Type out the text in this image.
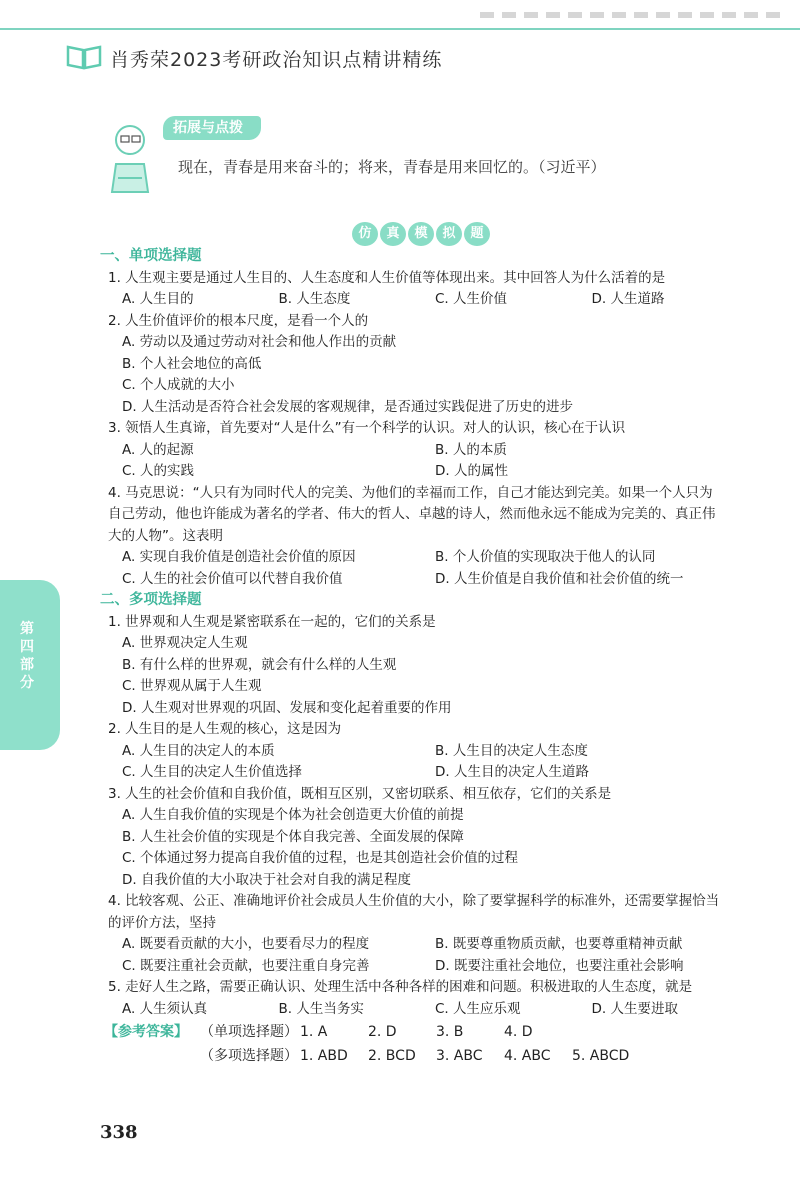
肖秀荣2023考研政治知识点精讲精练
拓展与点拨
现在，青春是用来奋斗的；将来，青春是用来回忆的。（习近平）
仿	真	模	拟	题
第四部分
一、单项选择题
1. 人生观主要是通过人生目的、人生态度和人生价值等体现出来。其中回答人为什么活着的是
A. 人生目的	B. 人生态度	C. 人生价值	D. 人生道路
2. 人生价值评价的根本尺度，是看一个人的
A. 劳动以及通过劳动对社会和他人作出的贡献
B. 个人社会地位的高低
C. 个人成就的大小
D. 人生活动是否符合社会发展的客观规律，是否通过实践促进了历史的进步
3. 领悟人生真谛，首先要对“人是什么”有一个科学的认识。对人的认识，核心在于认识
A. 人的起源	B. 人的本质
C. 人的实践	D. 人的属性
4. 马克思说：“人只有为同时代人的完美、为他们的幸福而工作，自己才能达到完美。如果一个人只为
自己劳动，他也许能成为著名的学者、伟大的哲人、卓越的诗人，然而他永远不能成为完美的、真正伟
大的人物”。这表明
A. 实现自我价值是创造社会价值的原因	B. 个人价值的实现取决于他人的认同
C. 人生的社会价值可以代替自我价值	D. 人生价值是自我价值和社会价值的统一
二、多项选择题
1. 世界观和人生观是紧密联系在一起的，它们的关系是
A. 世界观决定人生观
B. 有什么样的世界观，就会有什么样的人生观
C. 世界观从属于人生观
D. 人生观对世界观的巩固、发展和变化起着重要的作用
2. 人生目的是人生观的核心，这是因为
A. 人生目的决定人的本质	B. 人生目的决定人生态度
C. 人生目的决定人生价值选择	D. 人生目的决定人生道路
3. 人生的社会价值和自我价值，既相互区别，又密切联系、相互依存，它们的关系是
A. 人生自我价值的实现是个体为社会创造更大价值的前提
B. 人生社会价值的实现是个体自我完善、全面发展的保障
C. 个体通过努力提高自我价值的过程，也是其创造社会价值的过程
D. 自我价值的大小取决于社会对自我的满足程度
4. 比较客观、公正、准确地评价社会成员人生价值的大小，除了要掌握科学的标准外，还需要掌握恰当
的评价方法，坚持
A. 既要看贡献的大小，也要看尽力的程度	B. 既要尊重物质贡献，也要尊重精神贡献
C. 既要注重社会贡献，也要注重自身完善	D. 既要注重社会地位，也要注重社会影响
5. 走好人生之路，需要正确认识、处理生活中各种各样的困难和问题。积极进取的人生态度，就是
A. 人生须认真	B. 人生当务实	C. 人生应乐观	D. 人生要进取
【参考答案】 （单项选择题） 1. A	2. D	3. B	4. D
（多项选择题） 1. ABD	2. BCD	3. ABC	4. ABC	5. ABCD
338
